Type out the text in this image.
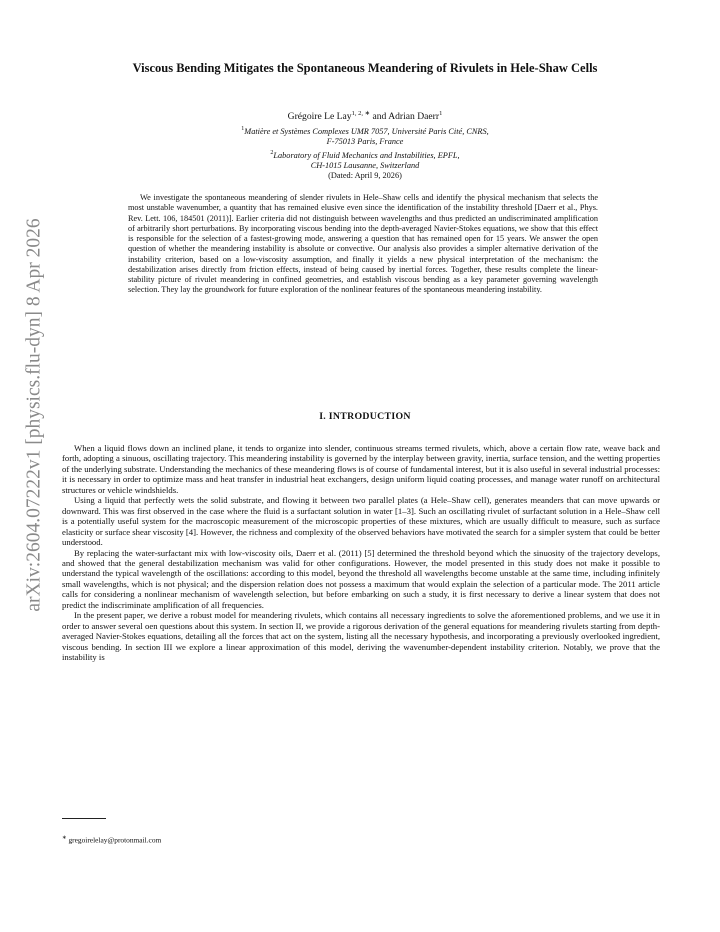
arXiv:2604.07222v1 [physics.flu-dyn] 8 Apr 2026
Viscous Bending Mitigates the Spontaneous Meandering of Rivulets in Hele-Shaw Cells
Grégoire Le Lay$^{1, 2, ∗}$ and Adrian Daerr$^1$
$^1$Matière et Systèmes Complexes UMR 7057, Université Paris Cité, CNRS,
F-75013 Paris, France
$^2$Laboratory of Fluid Mechanics and Instabilities, EPFL,
CH-1015 Lausanne, Switzerland
(Dated: April 9, 2026)

We investigate the spontaneous meandering of slender rivulets in Hele–Shaw cells and identify the physical mechanism that selects the most unstable wavenumber, a quantity that has remained elusive even since the identification of the instability threshold [Daerr et al., Phys. Rev. Lett. 106, 184501 (2011)]. Earlier criteria did not distinguish between wavelengths and thus predicted an undiscriminated amplification of arbitrarily short perturbations. By incorporating viscous bending into the depth-averaged Navier-Stokes equations, we show that this effect is responsible for the selection of a fastest-growing mode, answering a question that has remained open for 15 years. We answer the open question of whether the meandering instability is absolute or convective. Our analysis also provides a simpler alternative derivation of the instability criterion, based on a low-viscosity assumption, and finally it yields a new physical interpretation of the mechanism: the destabilization arises directly from friction effects, instead of being caused by inertial forces. Together, these results complete the linear-stability picture of rivulet meandering in confined geometries, and establish viscous bending as a key parameter governing wavelength selection. They lay the groundwork for future exploration of the nonlinear features of the spontaneous meandering instability.

I. INTRODUCTION

When a liquid flows down an inclined plane, it tends to organize into slender, continuous streams termed rivulets, which, above a certain flow rate, weave back and forth, adopting a sinuous, oscillating trajectory. This meandering instability is governed by the interplay between gravity, inertia, surface tension, and the wetting properties of the underlying substrate. Understanding the mechanics of these meandering flows is of course of fundamental interest, but it is also useful in several industrial processes: it is necessary in order to optimize mass and heat transfer in industrial heat exchangers, design uniform liquid coating processes, and manage water runoff on architectural structures or vehicle windshields.

Using a liquid that perfectly wets the solid substrate, and flowing it between two parallel plates (a Hele–Shaw cell), generates meanders that can move upwards or downward. This was first observed in the case where the fluid is a surfactant solution in water [1–3]. Such an oscillating rivulet of surfactant solution in a Hele–Shaw cell is a potentially useful system for the macroscopic measurement of the microscopic properties of these mixtures, which are usually difficult to measure, such as surface elasticity or surface shear viscosity [4]. However, the richness and complexity of the observed behaviors have motivated the search for a simpler system that could be better understood.

By replacing the water-surfactant mix with low-viscosity oils, Daerr et al. (2011) [5] determined the threshold beyond which the sinuosity of the trajectory develops, and showed that the general destabilization mechanism was valid for other configurations. However, the model presented in this study does not make it possible to understand the typical wavelength of the oscillations: according to this model, beyond the threshold all wavelengths become unstable at the same time, including infinitely small wavelengths, which is not physical; and the dispersion relation does not possess a maximum that would explain the selection of a particular mode. The 2011 article calls for considering a nonlinear mechanism of wavelength selection, but before embarking on such a study, it is first necessary to derive a linear system that does not predict the indiscriminate amplification of all frequencies.

In the present paper, we derive a robust model for meandering rivulets, which contains all necessary ingredients to solve the aforementioned problems, and we use it in order to answer several oen questions about this system. In section II, we provide a rigorous derivation of the general equations for meandering rivulets starting from depth-averaged Navier-Stokes equations, detailing all the forces that act on the system, listing all the necessary hypothesis, and incorporating a previously overlooked ingredient, viscous bending. In section III we explore a linear approximation of this model, deriving the wavenumber-dependent instability criterion. Notably, we prove that the instability is

∗ gregoirelelay@protonmail.com
